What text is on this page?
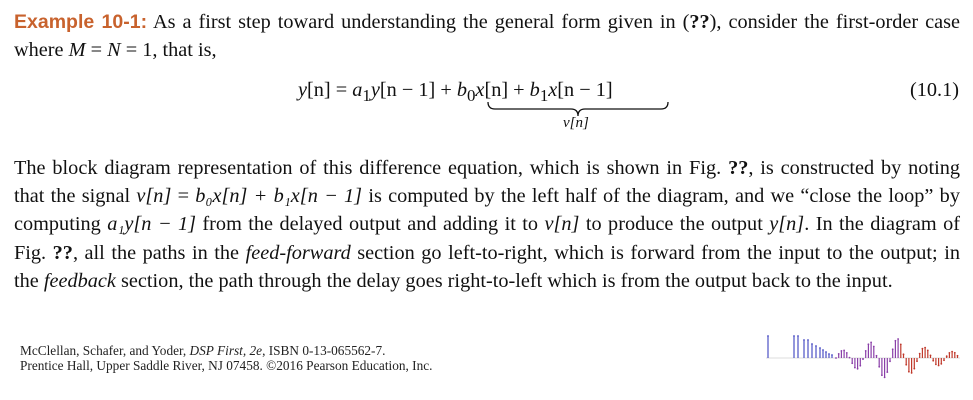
Example 10-1: As a first step toward understanding the general form given in (??), consider the first-order case where M = N = 1, that is,
$y[n] = a_1y[n - 1] + b_0x[n] + b_1x[n - 1]$
v[n]
(10.1)
The block diagram representation of this difference equation, which is shown in Fig. ??, is constructed by noting that the signal v[n] = b₀x[n] + b₁x[n − 1] is computed by the left half of the diagram, and we “close the loop” by computing a₁y[n − 1] from the delayed output and adding it to v[n] to produce the output y[n]. In the diagram of Fig. ??, all the paths in the feed-forward section go left-to-right, which is forward from the input to the output; in the feedback section, the path through the delay goes right-to-left which is from the output back to the input.
McClellan, Schafer, and Yoder, DSP First, 2e, ISBN 0-13-065562-7.
Prentice Hall, Upper Saddle River, NJ 07458. ©2016 Pearson Education, Inc.
